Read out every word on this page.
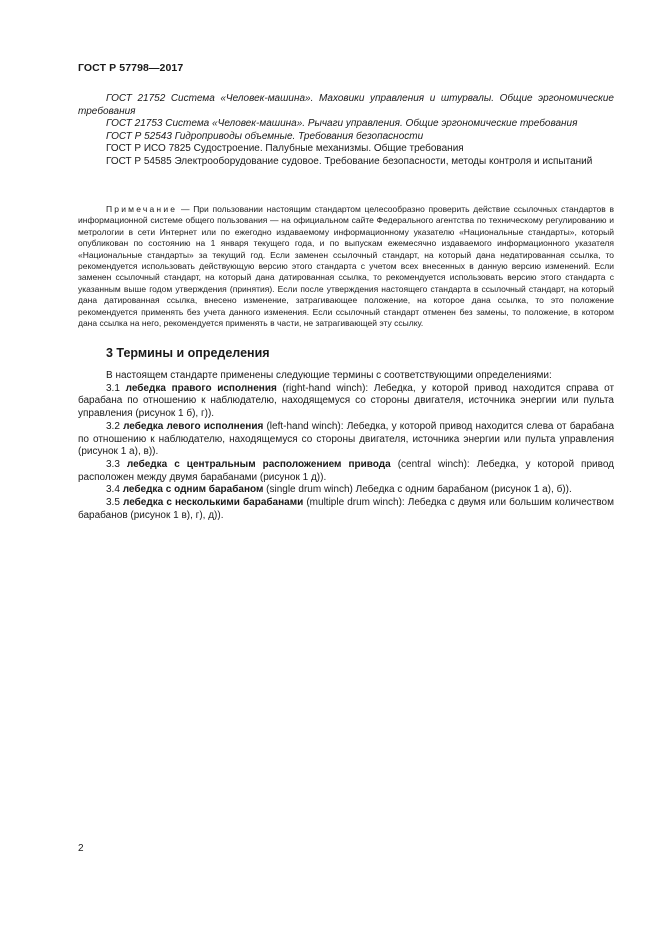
ГОСТ Р 57798—2017

ГОСТ 21752 Система «Человек-машина». Маховики управления и штурвалы. Общие эргономические требования

ГОСТ 21753 Система «Человек-машина». Рычаги управления. Общие эргономические требования

ГОСТ Р 52543 Гидроприводы объемные. Требования безопасности

ГОСТ Р ИСО 7825 Судостроение. Палубные механизмы. Общие требования

ГОСТ Р 54585 Электрооборудование судовое. Требование безопасности, методы контроля и испытаний

Примечание — При пользовании настоящим стандартом целесообразно проверить действие ссылочных стандартов в информационной системе общего пользования — на официальном сайте Федерального агентства по техническому регулированию и метрологии в сети Интернет или по ежегодно издаваемому информационному указателю «Национальные стандарты», который опубликован по состоянию на 1 января текущего года, и по выпускам ежемесячно издаваемого информационного указателя «Национальные стандарты» за текущий год. Если заменен ссылочный стандарт, на который дана недатированная ссылка, то рекомендуется использовать действующую версию этого стандарта с учетом всех внесенных в данную версию изменений. Если заменен ссылочный стандарт, на который дана датированная ссылка, то рекомендуется использовать версию этого стандарта с указанным выше годом утверждения (принятия). Если после утверждения настоящего стандарта в ссылочный стандарт, на который дана датированная ссылка, внесено изменение, затрагивающее положение, на которое дана ссылка, то это положение рекомендуется применять без учета данного изменения. Если ссылочный стандарт отменен без замены, то положение, в котором дана ссылка на него, рекомендуется применять в части, не затрагивающей эту ссылку.

3 Термины и определения

В настоящем стандарте применены следующие термины с соответствующими определениями:

3.1 лебедка правого исполнения (right-hand winch): Лебедка, у которой привод находится справа от барабана по отношению к наблюдателю, находящемуся со стороны двигателя, источника энергии или пульта управления (рисунок 1 б), г)).

3.2 лебедка левого исполнения (left-hand winch): Лебедка, у которой привод находится слева от барабана по отношению к наблюдателю, находящемуся со стороны двигателя, источника энергии или пульта управления (рисунок 1 а), в)).

3.3 лебедка с центральным расположением привода (central winch): Лебедка, у которой привод расположен между двумя барабанами (рисунок 1 д)).

3.4 лебедка с одним барабаном (single drum winch) Лебедка с одним барабаном (рисунок 1 а), б)).

3.5 лебедка с несколькими барабанами (multiple drum winch): Лебедка с двумя или большим количеством барабанов (рисунок 1 в), г), д)).

2
